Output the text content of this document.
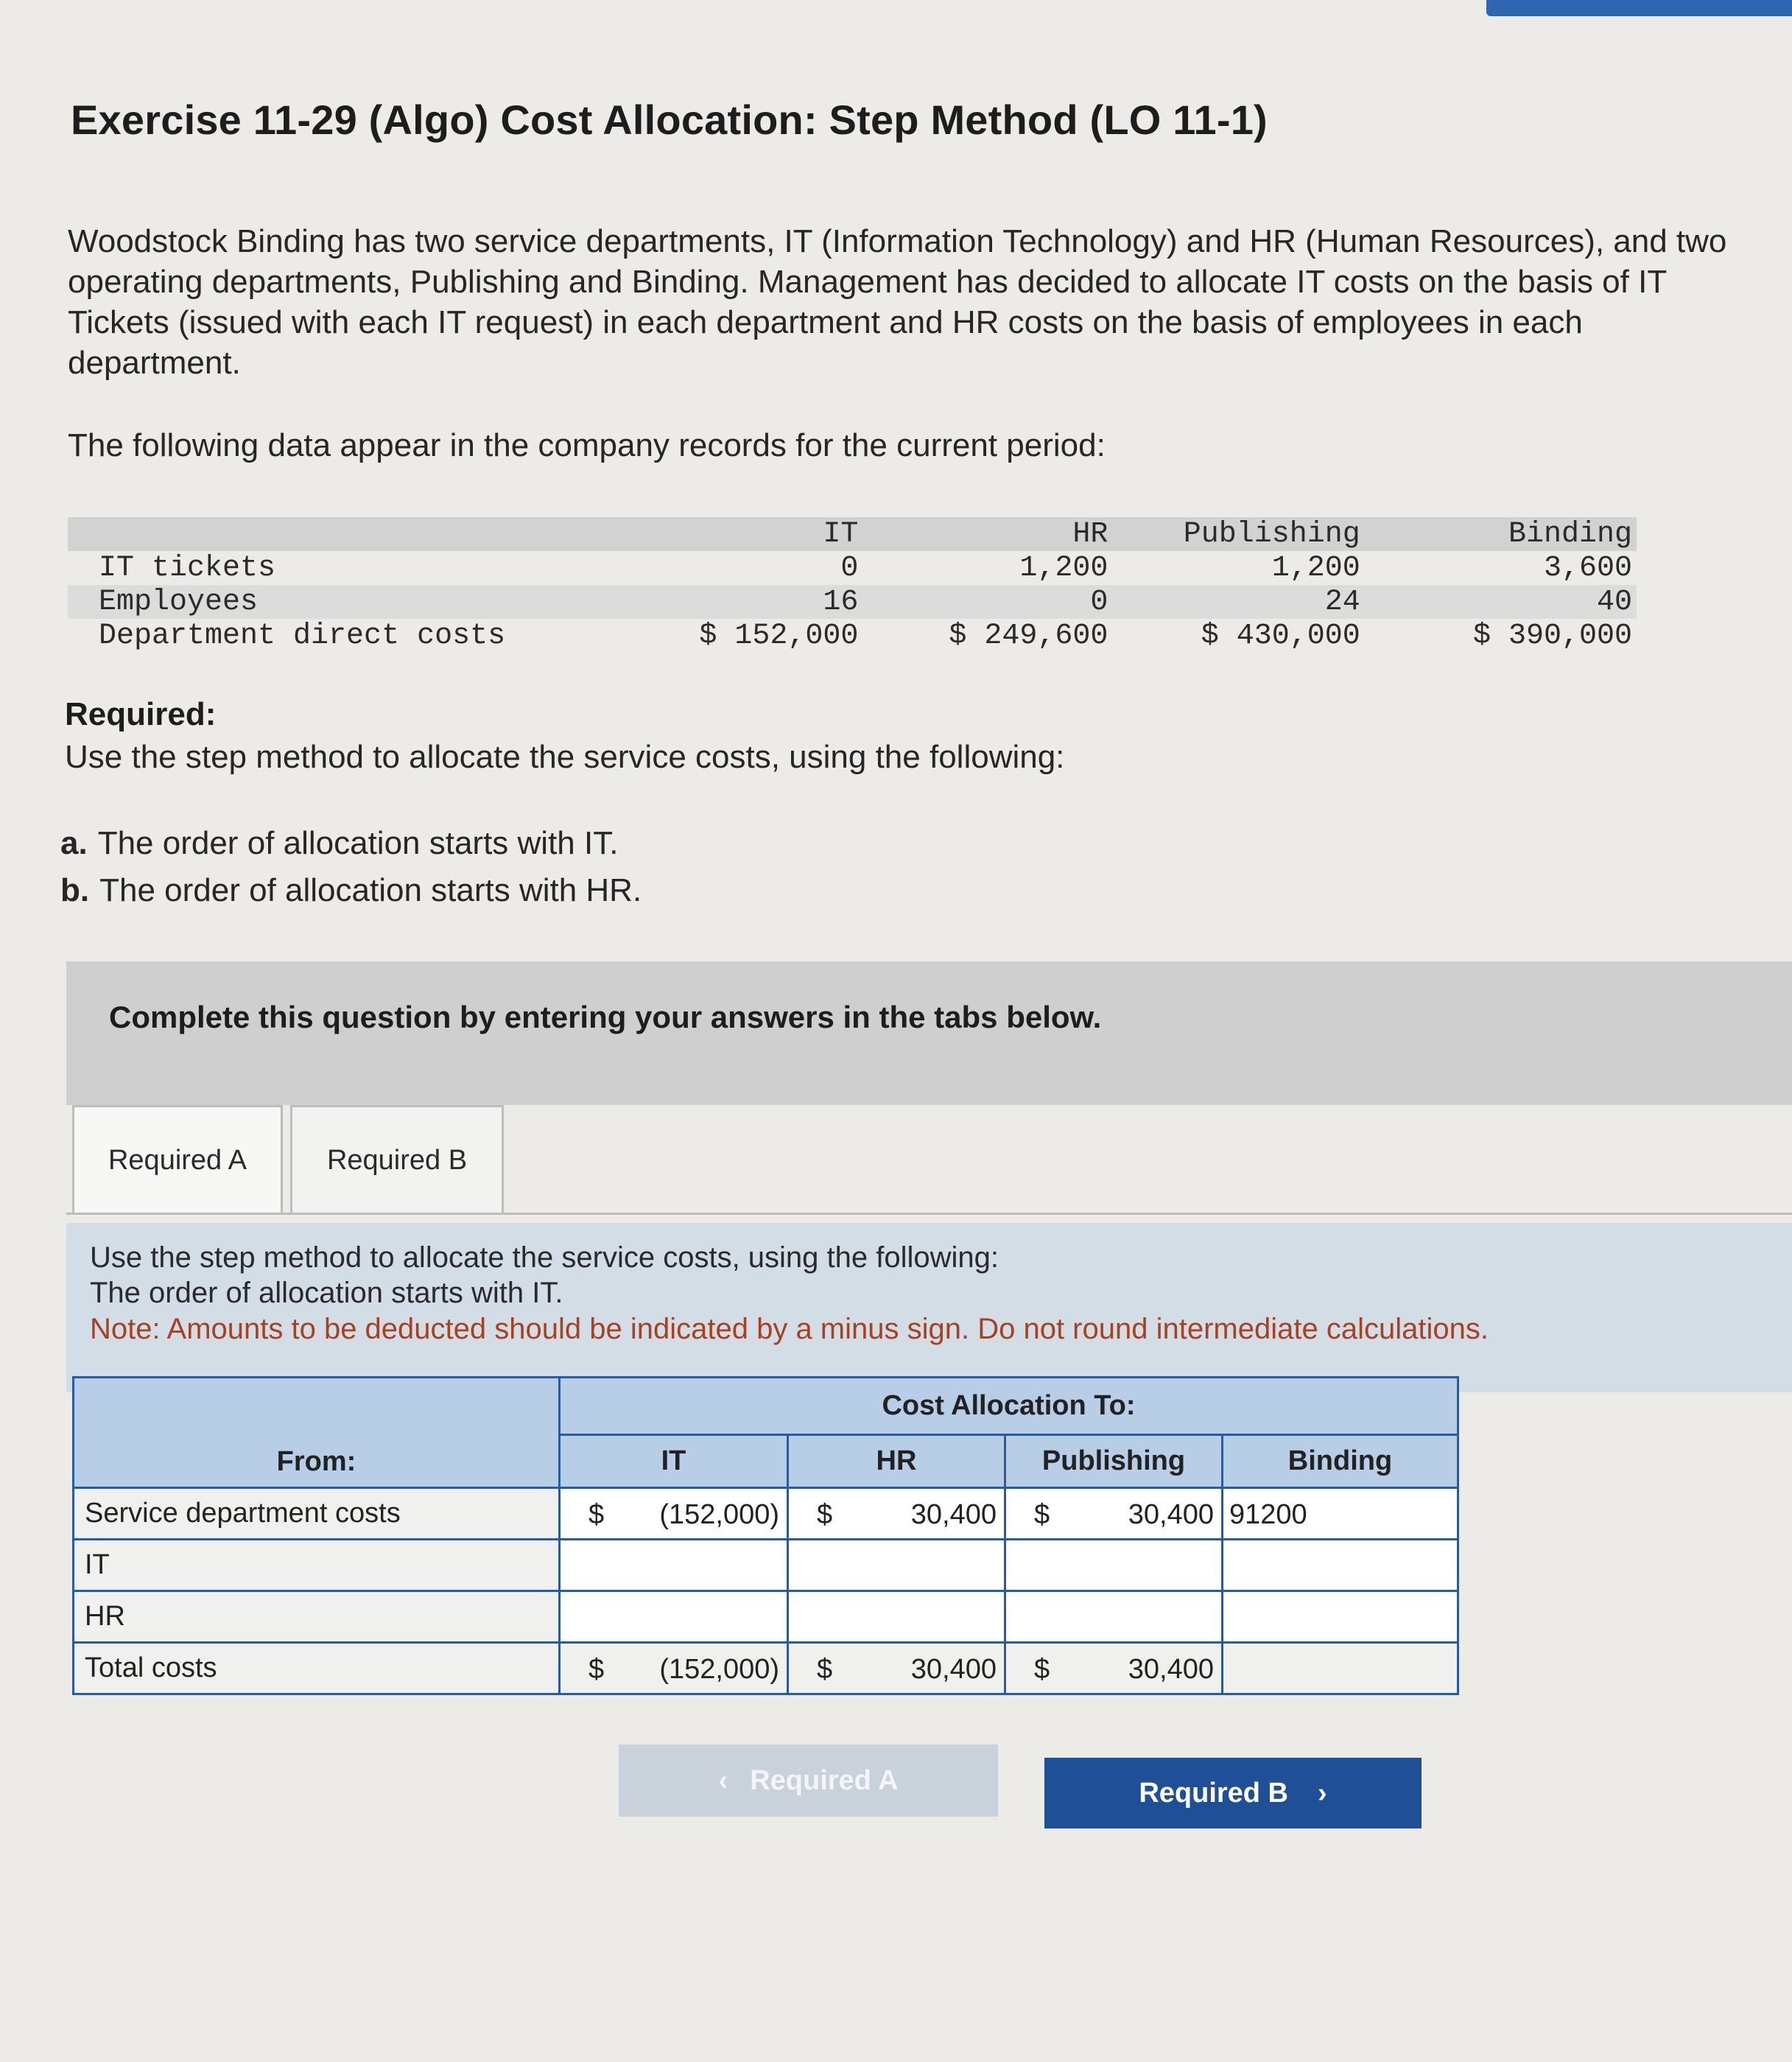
Exercise 11-29 (Algo) Cost Allocation: Step Method (LO 11-1)
Woodstock Binding has two service departments, IT (Information Technology) and HR (Human Resources), and two operating departments, Publishing and Binding. Management has decided to allocate IT costs on the basis of IT Tickets (issued with each IT request) in each department and HR costs on the basis of employees in each department.
The following data appear in the company records for the current period:
	IT	HR	Publishing	Binding
IT tickets	0	1,200	1,200	3,600
Employees	16	0	24	40
Department direct costs	$ 152,000	$ 249,600	$ 430,000	$ 390,000
Required:
Use the step method to allocate the service costs, using the following:
a. The order of allocation starts with IT.
b. The order of allocation starts with HR.
Complete this question by entering your answers in the tabs below.
Required A	Required B
Use the step method to allocate the service costs, using the following:
The order of allocation starts with IT.
Note: Amounts to be deducted should be indicated by a minus sign. Do not round intermediate calculations.
From:	Cost Allocation To:			
	IT	HR	Publishing	Binding
Service department costs	$ (152,000)	$ 30,400	$ 30,400	91200

IT	

HR	

Total costs	$ (152,000)	$ 30,400	$ 30,400	

‹ Required A	Required B ›
